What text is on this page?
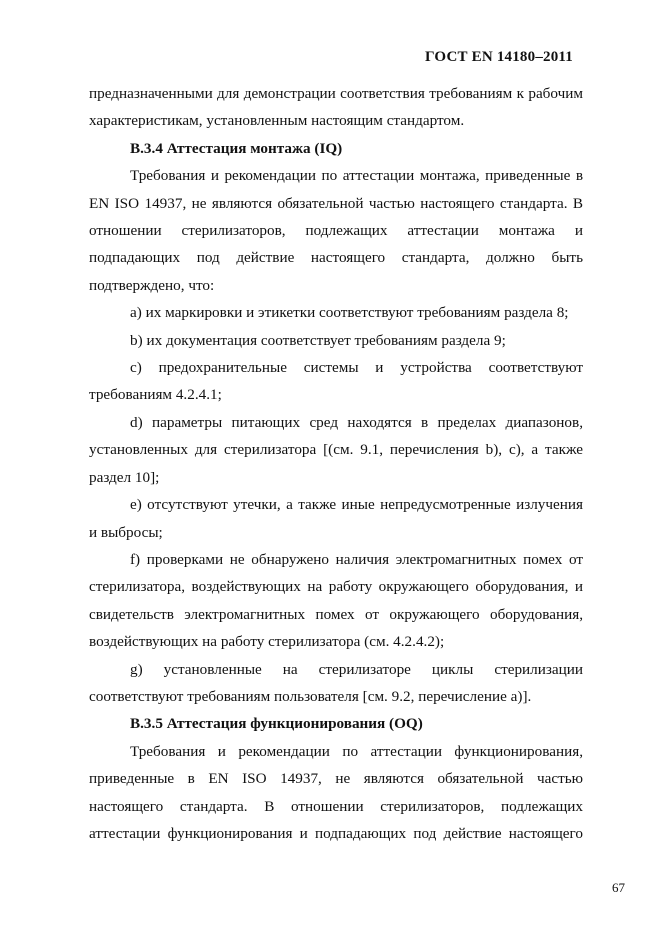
ГОСТ EN 14180–2011

предназначенными для демонстрации соответствия требованиям к рабочим характеристикам, установленным настоящим стандартом.

В.3.4 Аттестация монтажа (IQ)

Требования и рекомендации по аттестации монтажа, приведенные в EN ISO 14937, не являются обязательной частью настоящего стандарта. В отношении стерилизаторов, подлежащих аттестации монтажа и подпадающих под действие настоящего стандарта, должно быть подтверждено, что:

а) их маркировки и этикетки соответствуют требованиям раздела 8;

b) их документация соответствует требованиям раздела 9;

c) предохранительные системы и устройства соответствуют требованиям 4.2.4.1;

d) параметры питающих сред находятся в пределах диапазонов, установленных для стерилизатора [(см. 9.1, перечисления b), c), а также раздел 10];

е) отсутствуют утечки, а также иные непредусмотренные излучения и выбросы;

f) проверками не обнаружено наличия электромагнитных помех от стерилизатора, воздействующих на работу окружающего оборудования, и свидетельств электромагнитных помех от окружающего оборудования, воздействующих на работу стерилизатора (см. 4.2.4.2);

g) установленные на стерилизаторе циклы стерилизации соответствуют требованиям пользователя [см. 9.2, перечисление а)].

В.3.5 Аттестация функционирования (OQ)

Требования и рекомендации по аттестации функционирования, приведенные в EN ISO 14937, не являются обязательной частью настоящего стандарта. В отношении стерилизаторов, подлежащих аттестации функционирования и подпадающих под действие настоящего

67
